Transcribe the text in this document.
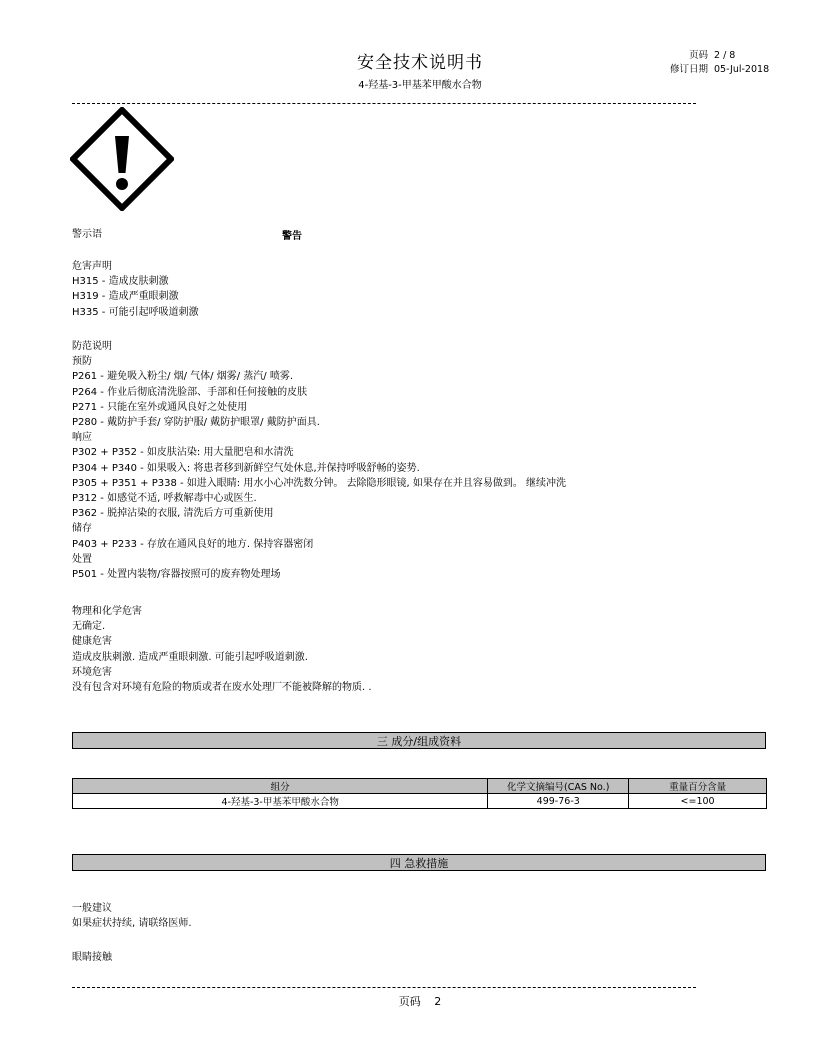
安全技术说明书
4-羟基-3-甲基苯甲酸水合物
页码 2 / 8
修订日期 05-Jul-2018
警示语	警告
危害声明
H315 - 造成皮肤刺激
H319 - 造成严重眼刺激
H335 - 可能引起呼吸道刺激
防范说明
预防
P261 - 避免吸入粉尘/ 烟/ 气体/ 烟雾/ 蒸汽/ 喷雾.
P264 - 作业后彻底清洗脸部、手部和任何接触的皮肤
P271 - 只能在室外或通风良好之处使用
P280 - 戴防护手套/ 穿防护服/ 戴防护眼罩/ 戴防护面具.
响应
P302 + P352 - 如皮肤沾染: 用大量肥皂和水清洗
P304 + P340 - 如果吸入: 将患者移到新鲜空气处休息,并保持呼吸舒畅的姿势.
P305 + P351 + P338 - 如进入眼睛: 用水小心冲洗数分钟。 去除隐形眼镜, 如果存在并且容易做到。 继续冲洗
P312 - 如感觉不适, 呼救解毒中心或医生.
P362 - 脱掉沾染的衣服, 清洗后方可重新使用
储存
P403 + P233 - 存放在通风良好的地方. 保持容器密闭
处置
P501 - 处置内装物/容器按照可的废弃物处理场
物理和化学危害
无确定.
健康危害
造成皮肤刺激. 造成严重眼刺激. 可能引起呼吸道刺激.
环境危害
没有包含对环境有危险的物质或者在废水处理厂不能被降解的物质. .
三 成分/组成资料
组分	化学文摘编号(CAS No.)	重量百分含量
4-羟基-3-甲基苯甲酸水合物	499-76-3	<=100
四 急救措施
一般建议
如果症状持续, 请联络医师.
眼睛接触
页码 2
